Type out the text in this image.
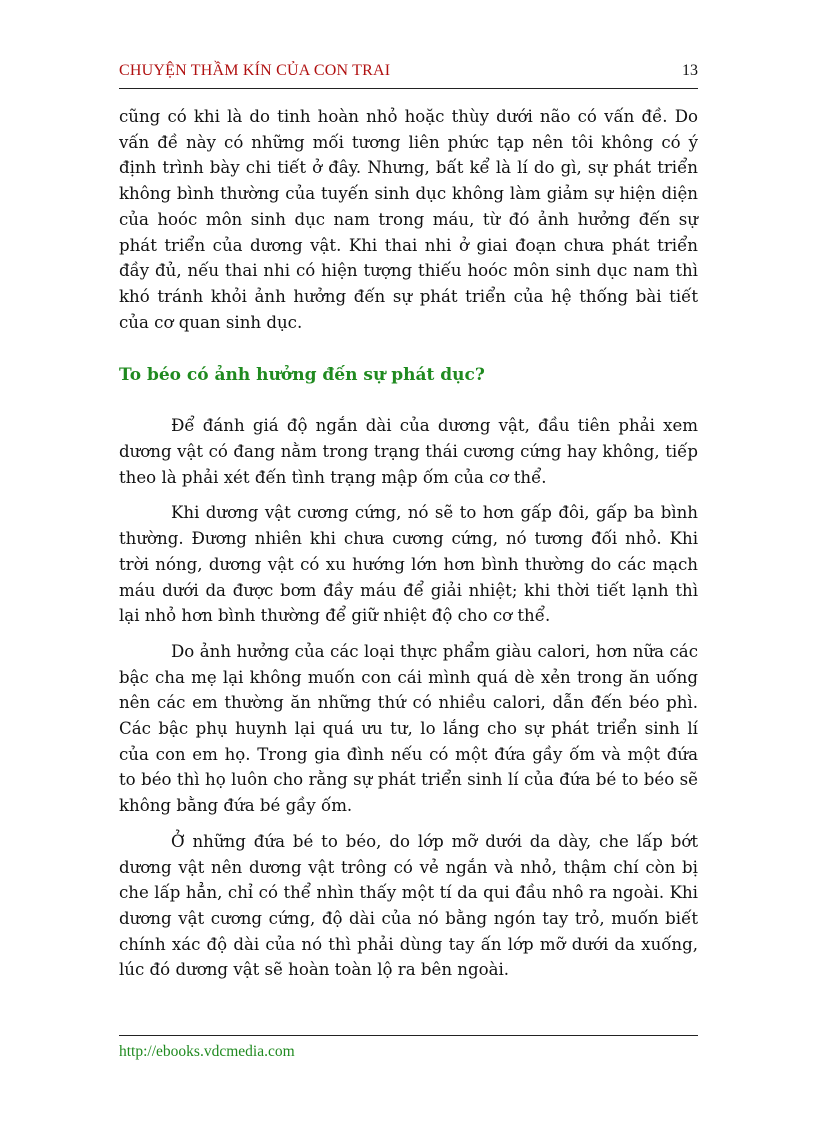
CHUYỆN THẦM KÍN CỦA CON TRAI	13

cũng có khi là do tinh hoàn nhỏ hoặc thùy dưới não có vấn đề. Do vấn đề này có những mối tương liên phức tạp nên tôi không có ý định trình bày chi tiết ở đây. Nhưng, bất kể là lí do gì, sự phát triển không bình thường của tuyến sinh dục không làm giảm sự hiện diện của hoóc môn sinh dục nam trong máu, từ đó ảnh hưởng đến sự phát triển của dương vật. Khi thai nhi ở giai đoạn chưa phát triển đầy đủ, nếu thai nhi có hiện tượng thiếu hoóc môn sinh dục nam thì khó tránh khỏi ảnh hưởng đến sự phát triển của hệ thống bài tiết của cơ quan sinh dục.

To béo có ảnh hưởng đến sự phát dục?

Để đánh giá độ ngắn dài của dương vật, đầu tiên phải xem dương vật có đang nằm trong trạng thái cương cứng hay không, tiếp theo là phải xét đến tình trạng mập ốm của cơ thể.

Khi dương vật cương cứng, nó sẽ to hơn gấp đôi, gấp ba bình thường. Đương nhiên khi chưa cương cứng, nó tương đối nhỏ. Khi trời nóng, dương vật có xu hướng lớn hơn bình thường do các mạch máu dưới da được bơm đầy máu để giải nhiệt; khi thời tiết lạnh thì lại nhỏ hơn bình thường để giữ nhiệt độ cho cơ thể.

Do ảnh hưởng của các loại thực phẩm giàu calori, hơn nữa các bậc cha mẹ lại không muốn con cái mình quá dè xẻn trong ăn uống nên các em thường ăn những thứ có nhiều calori, dẫn đến béo phì. Các bậc phụ huynh lại quá ưu tư, lo lắng cho sự phát triển sinh lí của con em họ. Trong gia đình nếu có một đứa gầy ốm và một đứa to béo thì họ luôn cho rằng sự phát triển sinh lí của đứa bé to béo sẽ không bằng đứa bé gầy ốm.

Ở những đứa bé to béo, do lớp mỡ dưới da dày, che lấp bớt dương vật nên dương vật trông có vẻ ngắn và nhỏ, thậm chí còn bị che lấp hẳn, chỉ có thể nhìn thấy một tí da qui đầu nhô ra ngoài. Khi dương vật cương cứng, độ dài của nó bằng ngón tay trỏ, muốn biết chính xác độ dài của nó thì phải dùng tay ấn lớp mỡ dưới da xuống, lúc đó dương vật sẽ hoàn toàn lộ ra bên ngoài.

http://ebooks.vdcmedia.com
